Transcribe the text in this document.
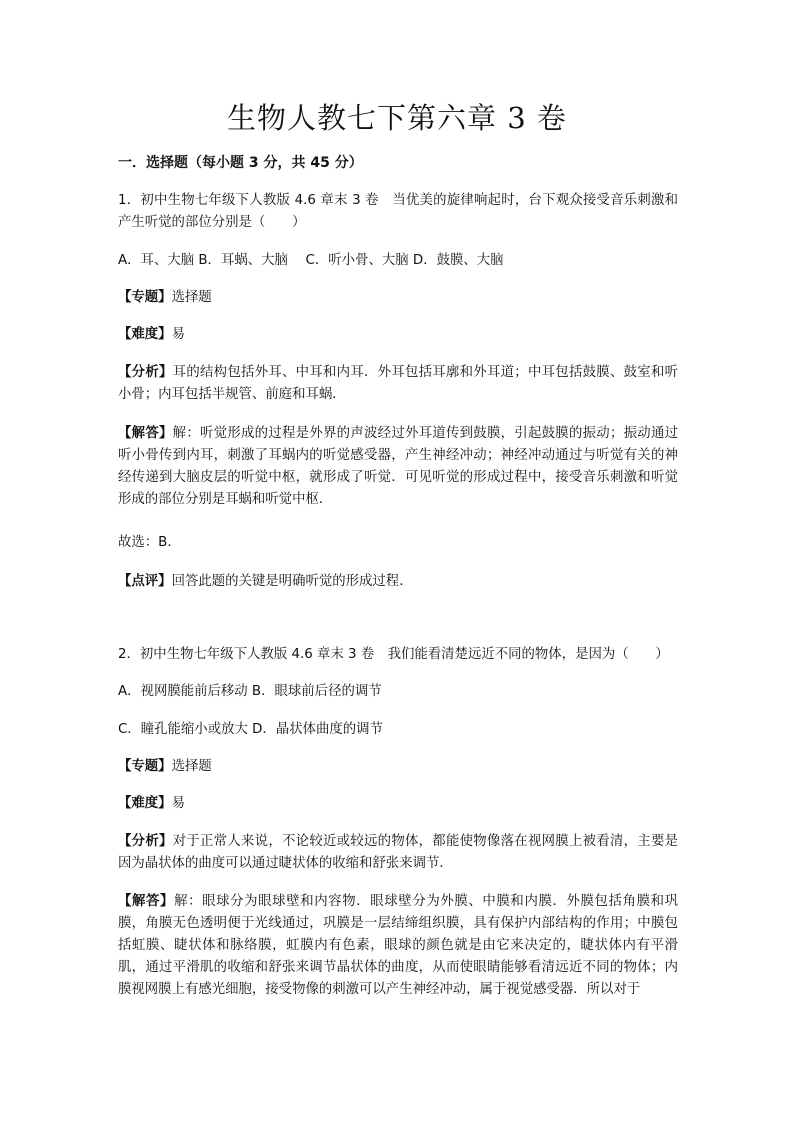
生物人教七下第六章 3 卷

一．选择题（每小题 3 分，共 45 分）

1．初中生物七年级下人教版 4.6 章末 3 卷　当优美的旋律响起时，台下观众接受音乐刺激和产生听觉的部位分别是（　　）

A．耳、大脑 B．耳蜗、大脑　 C．听小骨、大脑 D．鼓膜、大脑

【专题】选择题

【难度】易

【分析】耳的结构包括外耳、中耳和内耳．外耳包括耳廓和外耳道；中耳包括鼓膜、鼓室和听小骨；内耳包括半规管、前庭和耳蜗．

【解答】解：听觉形成的过程是外界的声波经过外耳道传到鼓膜，引起鼓膜的振动；振动通过听小骨传到内耳，刺激了耳蜗内的听觉感受器，产生神经冲动；神经冲动通过与听觉有关的神经传递到大脑皮层的听觉中枢，就形成了听觉．可见听觉的形成过程中，接受音乐刺激和听觉形成的部位分别是耳蜗和听觉中枢．

故选：B．

【点评】回答此题的关键是明确听觉的形成过程．

2．初中生物七年级下人教版 4.6 章末 3 卷　我们能看清楚远近不同的物体，是因为（　　）

A．视网膜能前后移动 B．眼球前后径的调节

C．瞳孔能缩小或放大 D．晶状体曲度的调节

【专题】选择题

【难度】易

【分析】对于正常人来说，不论较近或较远的物体，都能使物像落在视网膜上被看清，主要是因为晶状体的曲度可以通过睫状体的收缩和舒张来调节．

【解答】解：眼球分为眼球壁和内容物．眼球壁分为外膜、中膜和内膜．外膜包括角膜和巩膜，角膜无色透明便于光线通过，巩膜是一层结缔组织膜，具有保护内部结构的作用；中膜包括虹膜、睫状体和脉络膜，虹膜内有色素，眼球的颜色就是由它来决定的，睫状体内有平滑肌，通过平滑肌的收缩和舒张来调节晶状体的曲度，从而使眼睛能够看清远近不同的物体；内膜视网膜上有感光细胞，接受物像的刺激可以产生神经冲动，属于视觉感受器．所以对于
